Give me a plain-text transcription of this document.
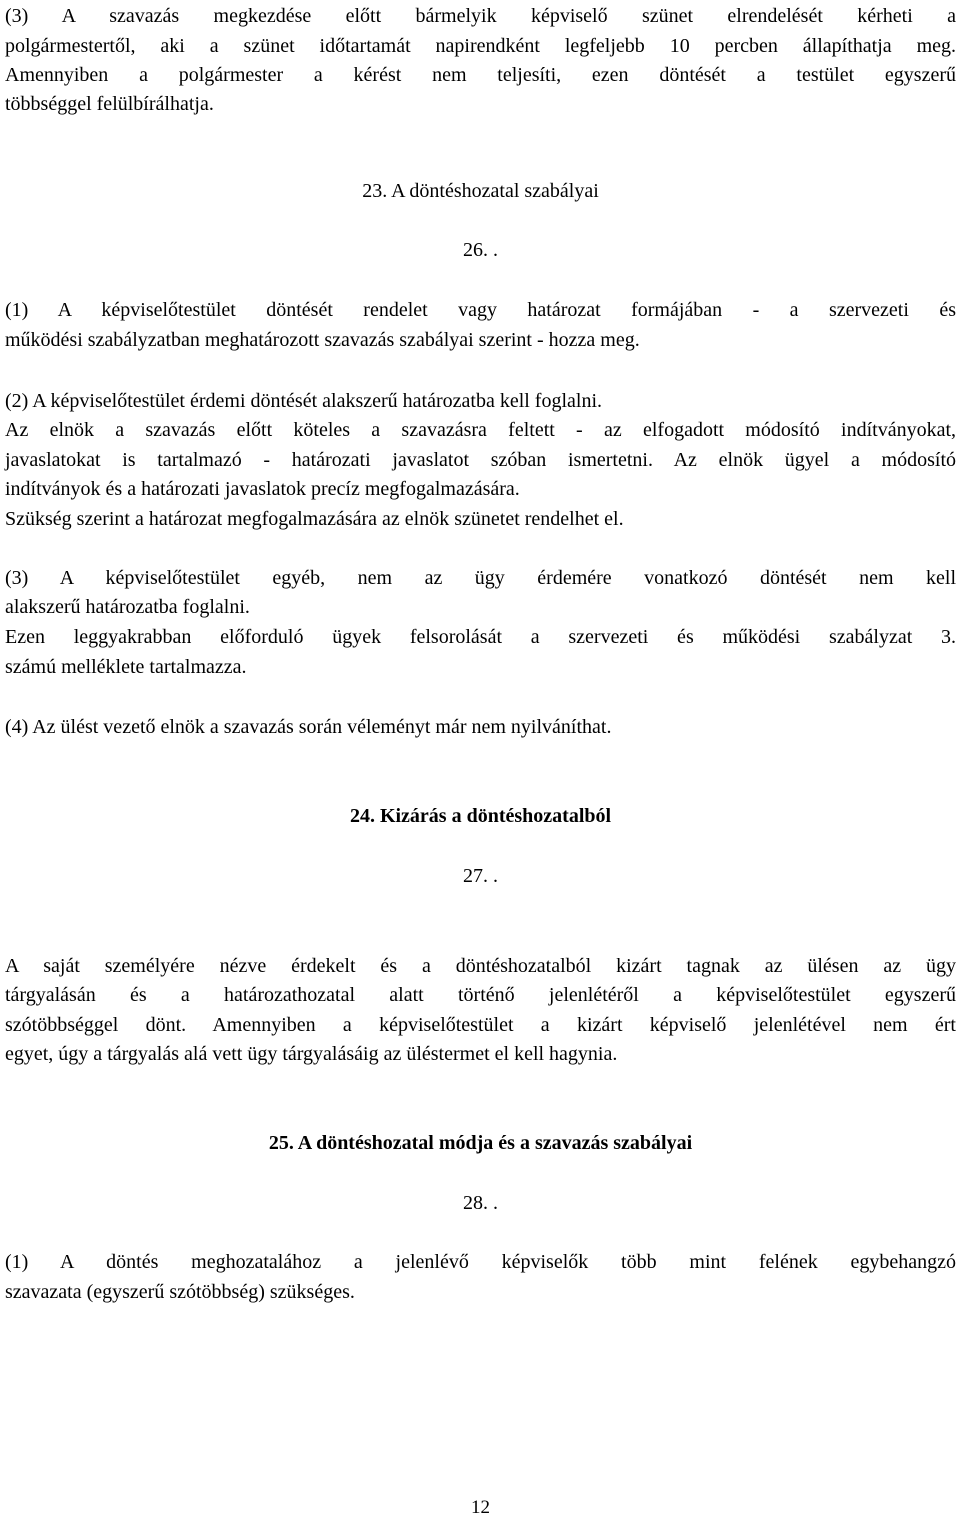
(3) A szavazás megkezdése előtt bármelyik képviselő szünet elrendelését kérheti a
polgármestertől, aki a szünet időtartamát napirendként legfeljebb 10 percben állapíthatja meg.
Amennyiben a polgármester a kérést nem teljesíti, ezen döntését a testület egyszerű
többséggel felülbírálhatja.
23. A döntéshozatal szabályai
26. .
(1) A képviselőtestület döntését rendelet vagy határozat formájában - a szervezeti és
működési szabályzatban meghatározott szavazás szabályai szerint - hozza meg.
(2) A képviselőtestület érdemi döntését alakszerű határozatba kell foglalni.
Az elnök a szavazás előtt köteles a szavazásra feltett - az elfogadott módosító indítványokat,
javaslatokat is tartalmazó - határozati javaslatot szóban ismertetni. Az elnök ügyel a módosító
indítványok és a határozati javaslatok precíz megfogalmazására.
Szükség szerint a határozat megfogalmazására az elnök szünetet rendelhet el.
(3) A képviselőtestület egyéb, nem az ügy érdemére vonatkozó döntését nem kell
alakszerű határozatba foglalni.
Ezen leggyakrabban előforduló ügyek felsorolását a szervezeti és működési szabályzat 3.
számú melléklete tartalmazza.
(4) Az ülést vezető elnök a szavazás során véleményt már nem nyilváníthat.
24. Kizárás a döntéshozatalból
27. .
A saját személyére nézve érdekelt és a döntéshozatalból kizárt tagnak az ülésen az ügy
tárgyalásán és a határozathozatal alatt történő jelenlétéről a képviselőtestület egyszerű
szótöbbséggel dönt. Amennyiben a képviselőtestület a kizárt képviselő jelenlétével nem ért
egyet, úgy a tárgyalás alá vett ügy tárgyalásáig az üléstermet el kell hagynia.
25. A döntéshozatal módja és a szavazás szabályai
28. .
(1) A döntés meghozatalához a jelenlévő képviselők több mint felének egybehangzó
szavazata (egyszerű szótöbbség) szükséges.
12
